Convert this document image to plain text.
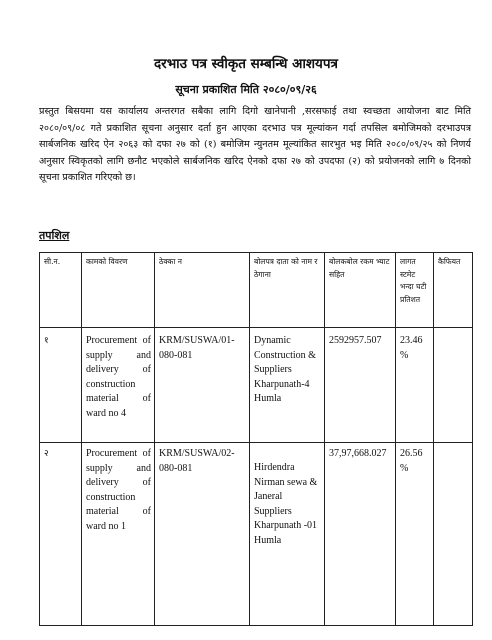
दरभाउ पत्र स्वीकृत सम्बन्धि आशयपत्र
सूचना प्रकाशित मिति २०८०/०९/२६

प्रस्तुत बिसयमा यस कार्यालय अन्तरगत सबैका लागि दिगो खानेपानी ,सरसफाई तथा स्वच्छता आयोजना बाट मिति २०८०/०९/०८ गते प्रकाशित सूचना अनुसार दर्ता हुन आएका दरभाउ पत्र मूल्यांकन गर्दा तपसिल बमोजिमको दरभाउपत्र सार्बजनिक खरिद ऐन २०६३ को दफा २७ को (१) बमोजिम न्युनतम मूल्यांकित सारभुत भइ मिति २०८०/०९/२५ को निणर्य अनुसार स्विकृतको लागि छनौट भएकोले सार्बजनिक खरिद ऐनको दफा २७ को उपदफा (२) को प्रयोजनको लागि ७ दिनको सूचना प्रकाशित गरिएको छ।

तपशिल
सी.न.	कामको विवरण	ठेक्का न	बोलपत्र दाता को नाम र ठेगाना	बोलकबोल रकम भ्याट सहित	लागत स्टमेट भन्दा घटी प्रतिशत	कैफियत
१	Procurement of supply and delivery of construction material of ward no 4	KRM/SUSWA/01-080-081	Dynamic Construction & Suppliers Kharpunath-4 Humla	2592957.507	23.46 %	
२	Procurement of supply and delivery of construction material of ward no 1	KRM/SUSWA/02-080-081	Hirdendra Nirman sewa & Janeral Suppliers Kharpunath -01 Humla	37,97,668.027	26.56 %	
